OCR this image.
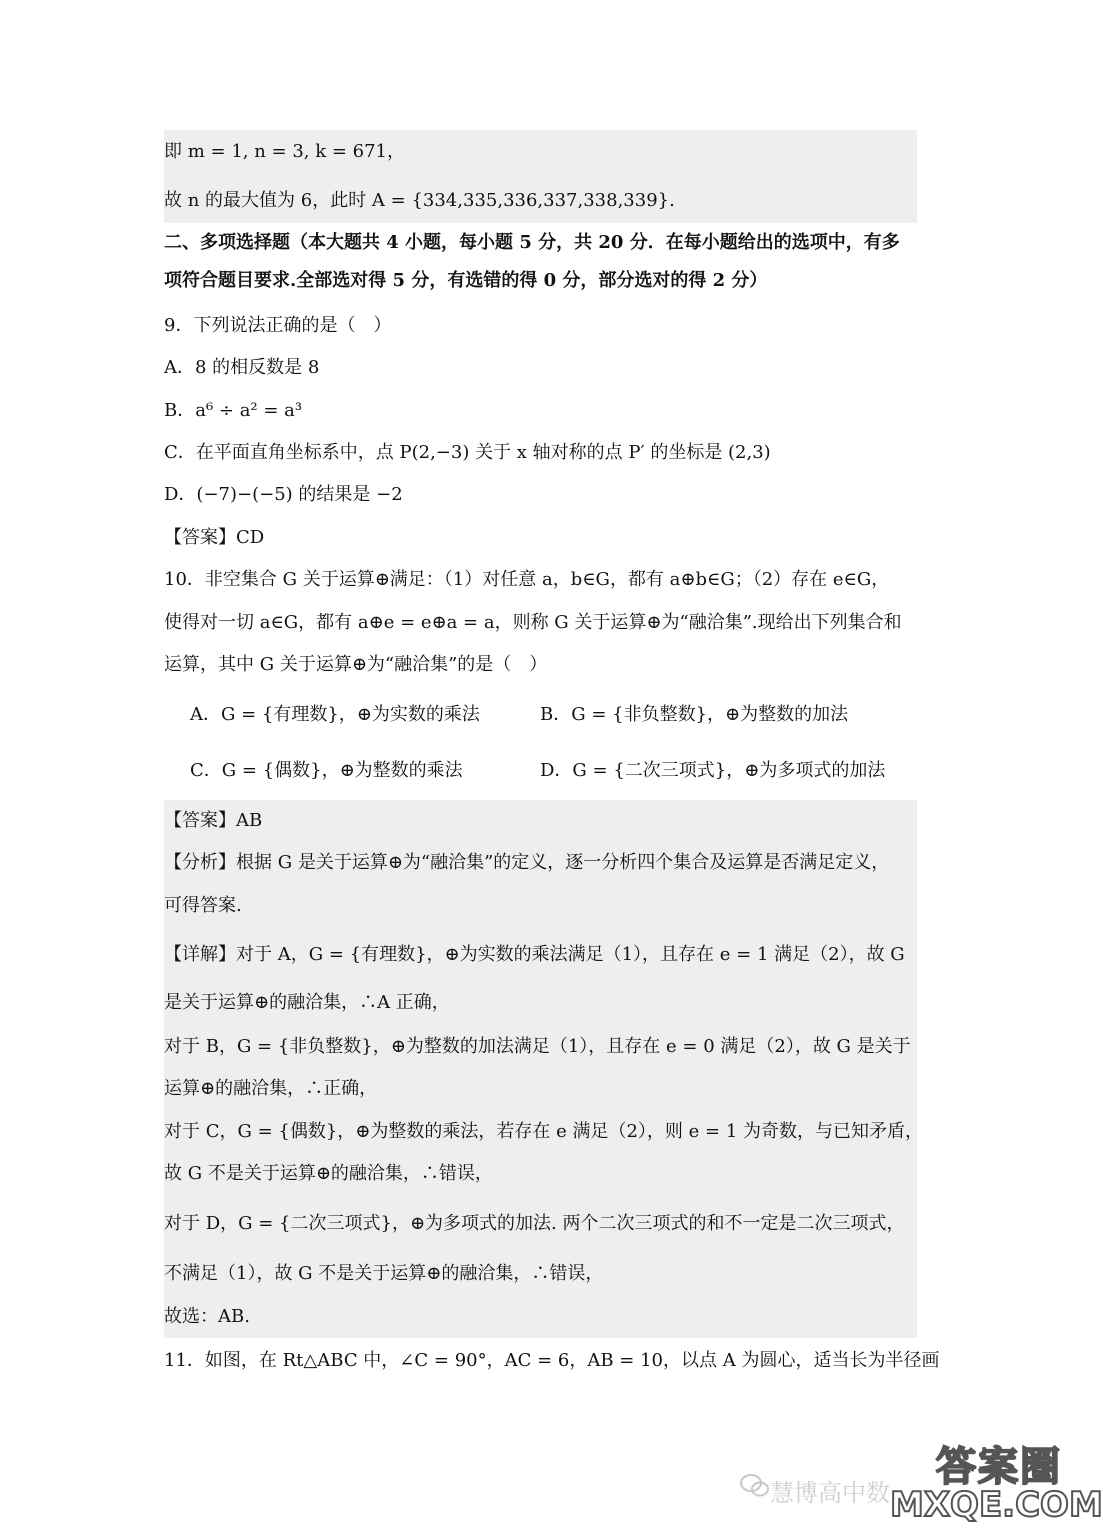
即 m = 1, n = 3, k = 671，
故 n 的最大值为 6，此时 A = {334,335,336,337,338,339}.
二、多项选择题（本大题共 4 小题，每小题 5 分，共 20 分．在每小题给出的选项中，有多
项符合题目要求.全部选对得 5 分，有选错的得 0 分，部分选对的得 2 分）
9．下列说法正确的是（　）
A．8 的相反数是 8
B．a⁶ ÷ a² = a³
C．在平面直角坐标系中，点 P(2,−3) 关于 x 轴对称的点 P′ 的坐标是 (2,3)
D．(−7)−(−5) 的结果是 −2
【答案】CD
10．非空集合 G 关于运算⊕满足：（1）对任意 a，b∈G，都有 a⊕b∈G；（2）存在 e∈G，
使得对一切 a∈G，都有 a⊕e = e⊕a = a，则称 G 关于运算⊕为“融洽集”.现给出下列集合和
运算，其中 G 关于运算⊕为“融洽集”的是（　）
A．G = {有理数}，⊕为实数的乘法	B．G = {非负整数}，⊕为整数的加法
C．G = {偶数}，⊕为整数的乘法	D．G = {二次三项式}，⊕为多项式的加法
【答案】AB
【分析】根据 G 是关于运算⊕为“融洽集”的定义，逐一分析四个集合及运算是否满足定义，
可得答案.
【详解】对于 A，G = {有理数}，⊕为实数的乘法满足（1），且存在 e = 1 满足（2），故 G
是关于运算⊕的融洽集，∴A 正确，
对于 B，G = {非负整数}，⊕为整数的加法满足（1），且存在 e = 0 满足（2），故 G 是关于
运算⊕的融洽集，∴正确，
对于 C，G = {偶数}，⊕为整数的乘法，若存在 e 满足（2），则 e = 1 为奇数，与已知矛盾，
故 G 不是关于运算⊕的融洽集，∴错误，
对于 D，G = {二次三项式}，⊕为多项式的加法. 两个二次三项式的和不一定是二次三项式，
不满足（1），故 G 不是关于运算⊕的融洽集，∴错误，
故选：AB.
11．如图，在 Rt△ABC 中，∠C = 90°，AC = 6，AB = 10，以点 A 为圆心，适当长为半径画
慧博高中数
答案圈
MXQE.COM
